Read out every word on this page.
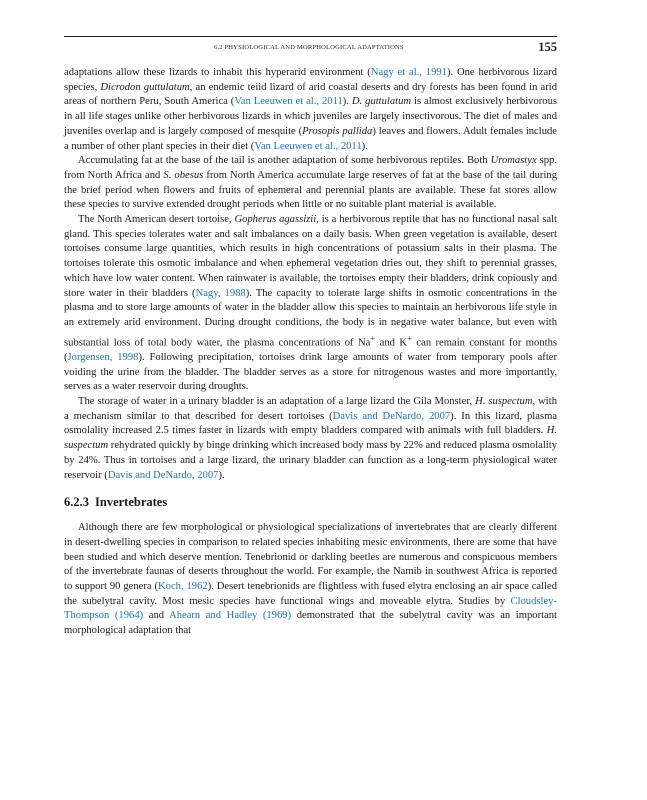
6.2 PHYSIOLOGICAL AND MORPHOLOGICAL ADAPTATIONS	155

adaptations allow these lizards to inhabit this hyperarid environment (Nagy et al., 1991). One herbivorous lizard species, Dicrodon guttulatum, an endemic teiid lizard of arid coastal deserts and dry forests has been found in arid areas of northern Peru, South America (Van Leeuwen et al., 2011). D. guttulatum is almost exclusively herbivorous in all life stages unlike other herbivorous lizards in which juveniles are largely insectivorous. The diet of males and juveniles overlap and is largely composed of mesquite (Prosopis pallida) leaves and flowers. Adult females include a number of other plant species in their diet (Van Leeuwen et al., 2011).

Accumulating fat at the base of the tail is another adaptation of some herbivorous reptiles. Both Uromastyx spp. from North Africa and S. obesus from North America accumulate large reserves of fat at the base of the tail during the brief period when flowers and fruits of ephemeral and perennial plants are available. These fat stores allow these species to survive extended drought periods when little or no suitable plant material is available.

The North American desert tortoise, Gopherus agassizii, is a herbivorous reptile that has no functional nasal salt gland. This species tolerates water and salt imbalances on a daily basis. When green vegetation is available, desert tortoises consume large quantities, which results in high concentrations of potassium salts in their plasma. The tortoises tolerate this osmotic imbalance and when ephemeral vegetation dries out, they shift to perennial grasses, which have low water content. When rainwater is available, the tortoises empty their bladders, drink copiously and store water in their bladders (Nagy, 1988). The capacity to tolerate large shifts in osmotic concentrations in the plasma and to store large amounts of water in the bladder allow this species to maintain an herbivorous life style in an extremely arid environment. During drought conditions, the body is in negative water balance, but even with substantial loss of total body water, the plasma concentrations of Na+ and K+ can remain constant for months (Jorgensen, 1998). Following precipitation, tortoises drink large amounts of water from temporary pools after voiding the urine from the bladder. The bladder serves as a store for nitrogenous wastes and more importantly, serves as a water reservoir during droughts.

The storage of water in a urinary bladder is an adaptation of a large lizard the Gila Monster, H. suspectum, with a mechanism similar to that described for desert tortoises (Davis and DeNardo, 2007). In this lizard, plasma osmolality increased 2.5 times faster in lizards with empty bladders compared with animals with full bladders. H. suspectum rehydrated quickly by binge drinking which increased body mass by 22% and reduced plasma osmolality by 24%. Thus in tortoises and a large lizard, the urinary bladder can function as a long-term physiological water reservoir (Davis and DeNardo, 2007).

6.2.3 Invertebrates

Although there are few morphological or physiological specializations of invertebrates that are clearly different in desert-dwelling species in comparison to related species inhabiting mesic environments, there are some that have been studied and which deserve mention. Tenebrionid or darkling beetles are numerous and conspicuous members of the invertebrate faunas of deserts throughout the world. For example, the Namib in southwest Africa is reported to support 90 genera (Koch, 1962). Desert tenebrionids are flightless with fused elytra enclosing an air space called the subelytral cavity. Most mesic species have functional wings and moveable elytra. Studies by Cloudsley-Thompson (1964) and Ahearn and Hadley (1969) demonstrated that the subelytral cavity was an important morphological adaptation that
